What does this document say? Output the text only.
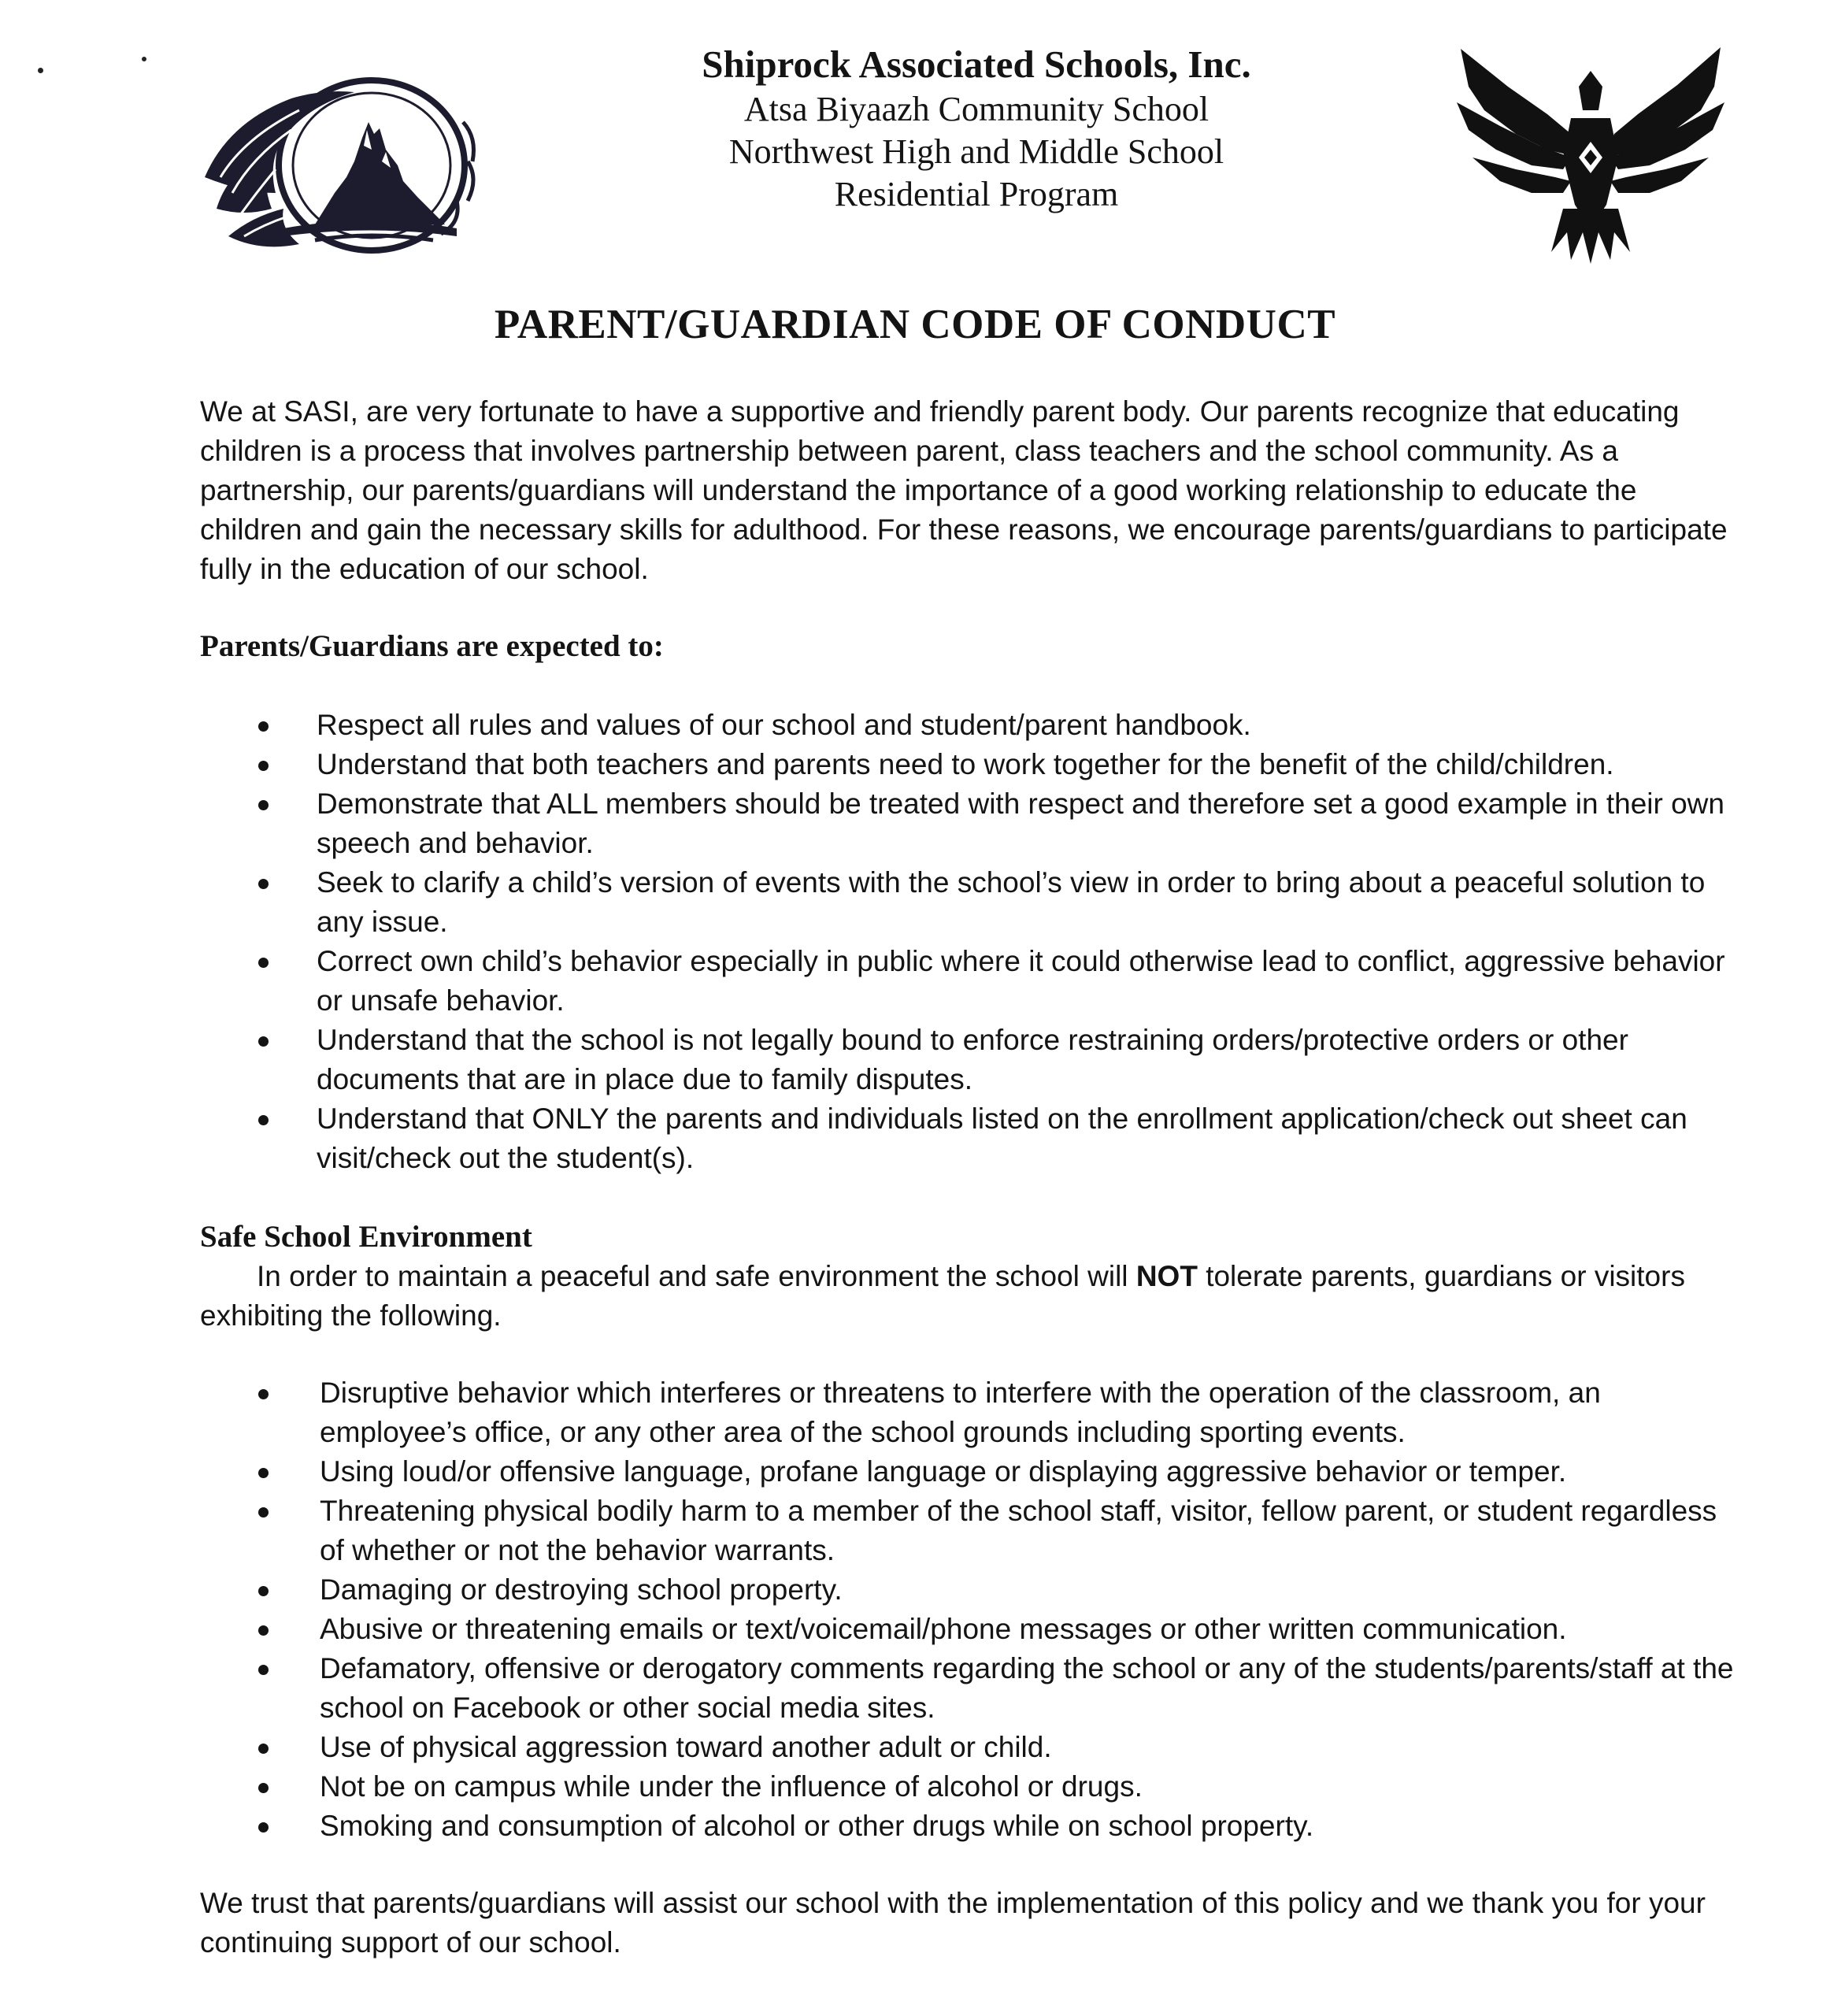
Shiprock Associated Schools, Inc.
Atsa Biyaazh Community School
Northwest High and Middle School
Residential Program
PARENT/GUARDIAN CODE OF CONDUCT

We at SASI, are very fortunate to have a supportive and friendly parent body. Our parents recognize that educating children is a process that involves partnership between parent, class teachers and the school community. As a partnership, our parents/guardians will understand the importance of a good working relationship to educate the children and gain the necessary skills for adulthood. For these reasons, we encourage parents/guardians to participate fully in the education of our school.

Parents/Guardians are expected to:

Respect all rules and values of our school and student/parent handbook.
Understand that both teachers and parents need to work together for the benefit of the child/children.
Demonstrate that ALL members should be treated with respect and therefore set a good example in their own speech and behavior.
Seek to clarify a child’s version of events with the school’s view in order to bring about a peaceful solution to any issue.
Correct own child’s behavior especially in public where it could otherwise lead to conflict, aggressive behavior or unsafe behavior.
Understand that the school is not legally bound to enforce restraining orders/protective orders or other documents that are in place due to family disputes.
Understand that ONLY the parents and individuals listed on the enrollment application/check out sheet can visit/check out the student(s).

Safe School Environment

In order to maintain a peaceful and safe environment the school will NOT tolerate parents, guardians or visitors exhibiting the following.

Disruptive behavior which interferes or threatens to interfere with the operation of the classroom, an employee’s office, or any other area of the school grounds including sporting events.
Using loud/or offensive language, profane language or displaying aggressive behavior or temper.
Threatening physical bodily harm to a member of the school staff, visitor, fellow parent, or student regardless of whether or not the behavior warrants.
Damaging or destroying school property.
Abusive or threatening emails or text/voicemail/phone messages or other written communication.
Defamatory, offensive or derogatory comments regarding the school or any of the students/parents/staff at the school on Facebook or other social media sites.
Use of physical aggression toward another adult or child.
Not be on campus while under the influence of alcohol or drugs.
Smoking and consumption of alcohol or other drugs while on school property.

We trust that parents/guardians will assist our school with the implementation of this policy and we thank you for your continuing support of our school.
